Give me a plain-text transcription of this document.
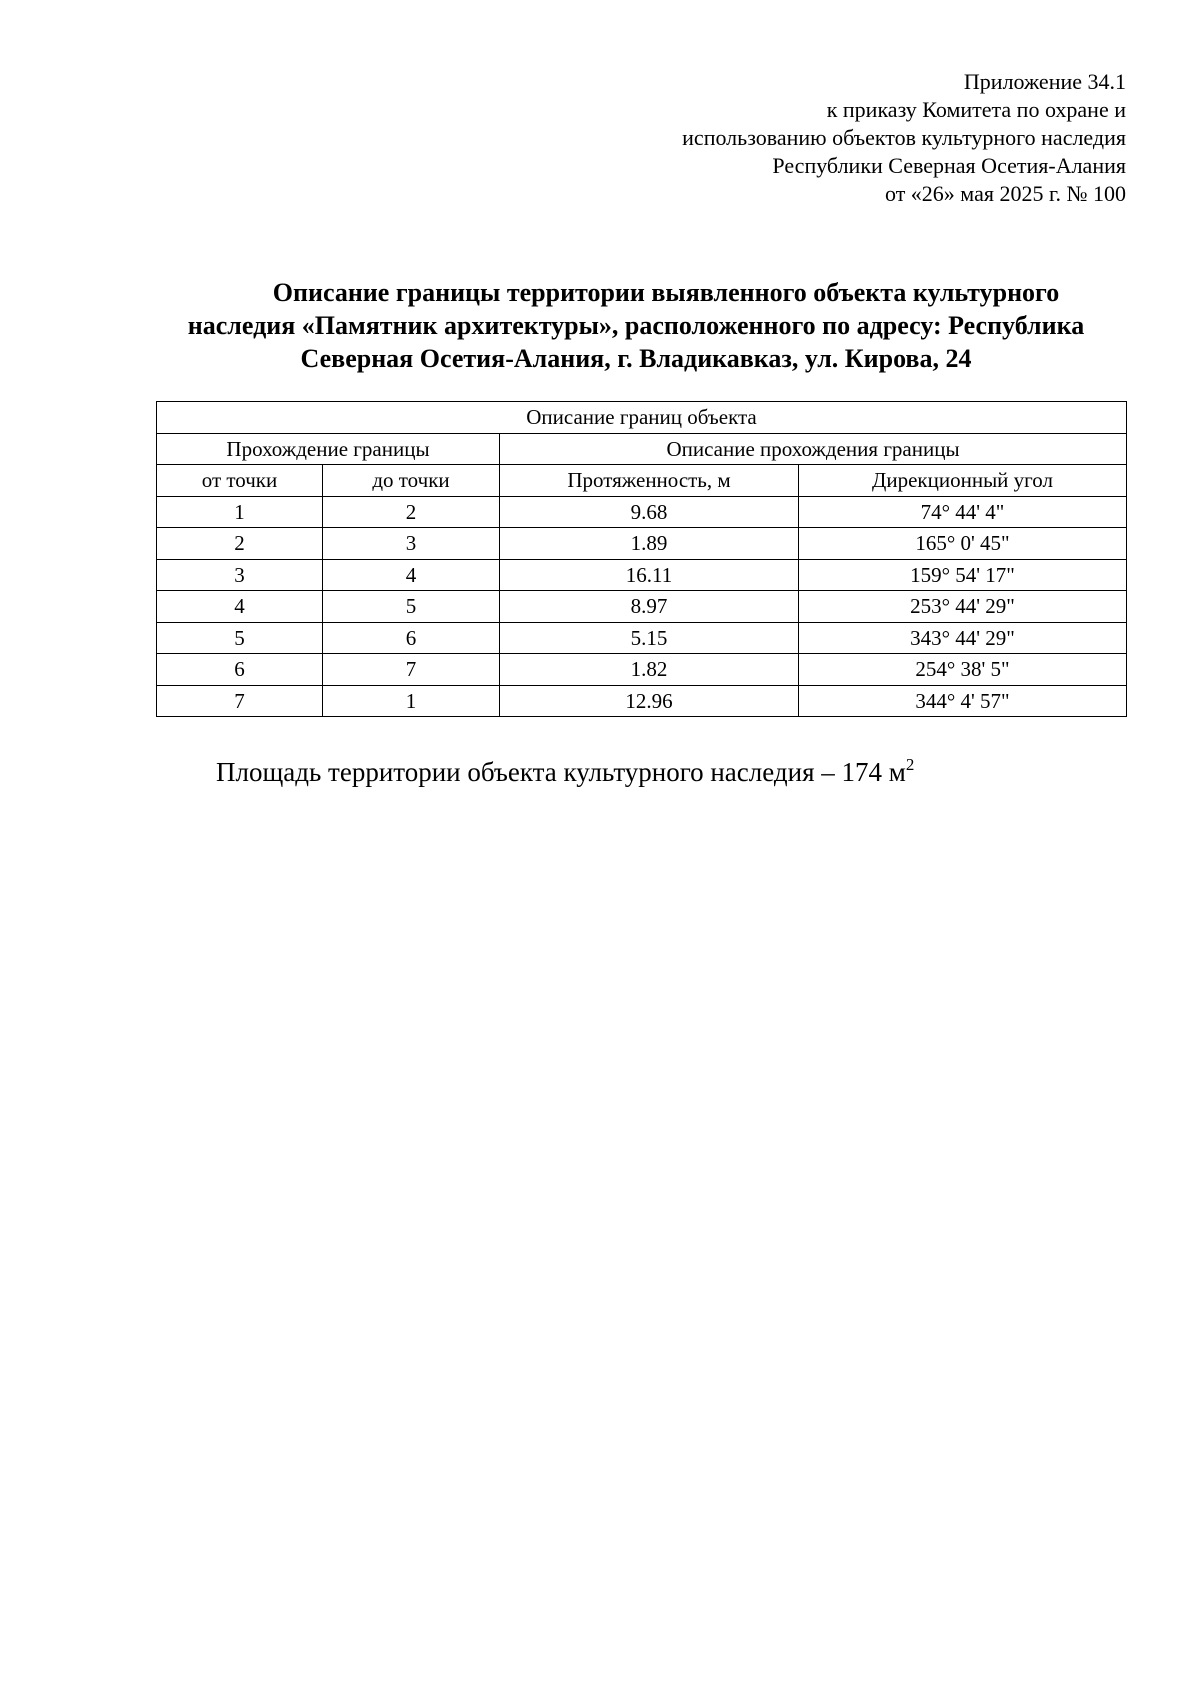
Приложение 34.1
к приказу Комитета по охране и
использованию объектов культурного наследия
Республики Северная Осетия-Алания
от «26» мая 2025 г. № 100
Описание границы территории выявленного объекта культурного
наследия «Памятник архитектуры», расположенного по адресу: Республика
Северная Осетия-Алания, г. Владикавказ, ул. Кирова, 24
Описание границ объекта			
Прохождение границы		Описание прохождения границы	
от точки	до точки	Протяженность, м	Дирекционный угол
1	2	9.68	74° 44' 4"
2	3	1.89	165° 0' 45"
3	4	16.11	159° 54' 17"
4	5	8.97	253° 44' 29"
5	6	5.15	343° 44' 29"
6	7	1.82	254° 38' 5"
7	1	12.96	344° 4' 57"
Площадь территории объекта культурного наследия – 174 $м^2$
